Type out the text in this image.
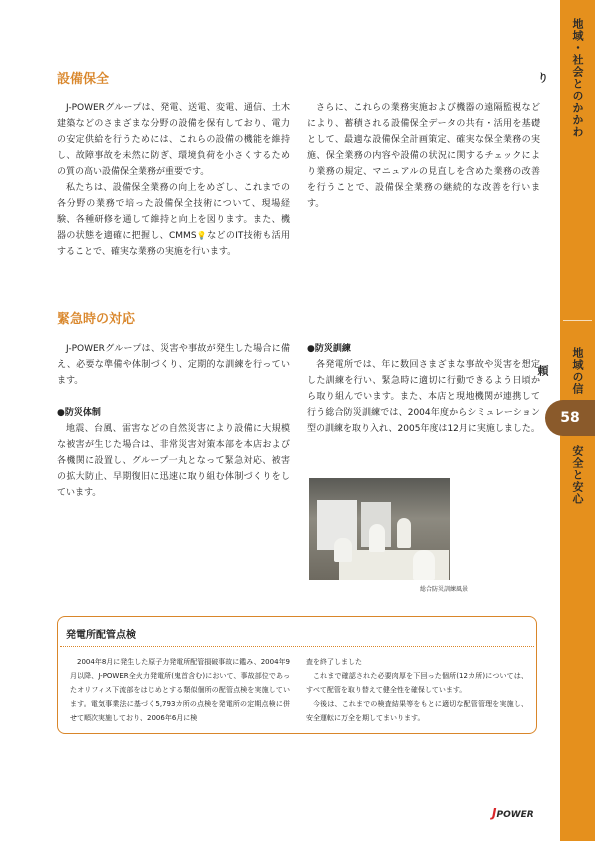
地域・社会とのかかわり
地域の信頼
安全と安心
58
設備保全

J-POWERグループは、発電、送電、変電、通信、土木建築などのさまざまな分野の設備を保有しており、電力の安定供給を行うためには、これらの設備の機能を維持し、故障事故を未然に防ぎ、環境負荷を小さくするための質の高い設備保全業務が重要です。

私たちは、設備保全業務の向上をめざし、これまでの各分野の業務で培った設備保全技術について、現場経験、各種研修を通して維持と向上を図ります。また、機器の状態を適確に把握し、CMMS💡などのIT技術も活用することで、確実な業務の実施を行います。

さらに、これらの業務実施および機器の遠隔監視などにより、蓄積される設備保全データの共有・活用を基礎として、最適な設備保全計画策定、確実な保全業務の実施、保全業務の内容や設備の状況に関するチェックにより業務の規定、マニュアルの見直しを含めた業務の改善を行うことで、設備保全業務の継続的な改善を行います。

緊急時の対応

J-POWERグループは、災害や事故が発生した場合に備え、必要な準備や体制づくり、定期的な訓練を行っています。

●防災体制

地震、台風、雷害などの自然災害により設備に大規模な被害が生じた場合は、非常災害対策本部を本店および各機関に設置し、グループ一丸となって緊急対応、被害の拡大防止、早期復旧に迅速に取り組む体制づくりをしています。

●防災訓練

各発電所では、年に数回さまざまな事故や災害を想定した訓練を行い、緊急時に適切に行動できるよう日頃から取り組んでいます。また、本店と現地機関が連携して行う総合防災訓練では、2004年度からシミュレーション型の訓練を取り入れ、2005年度は12月に実施しました。

総合防災訓練風景
発電所配管点検

2004年8月に発生した原子力発電所配管損破事故に鑑み、2004年9月以降、J-POWER全火力発電所(鬼首含む)において、事故部位であったオリフィス下流部をはじめとする類似個所の配管点検を実施しています。電気事業法に基づく5,793カ所の点検を発電所の定期点検に併せて順次実施しており、2006年6月に検

査を終了しました

これまで確認された必要肉厚を下回った個所(12カ所)については、すべて配管を取り替えて健全性を確保しています。

今後は、これまでの検査結果等をもとに適切な配管管理を実施し、安全運転に万全を期してまいります。

JPOWER
